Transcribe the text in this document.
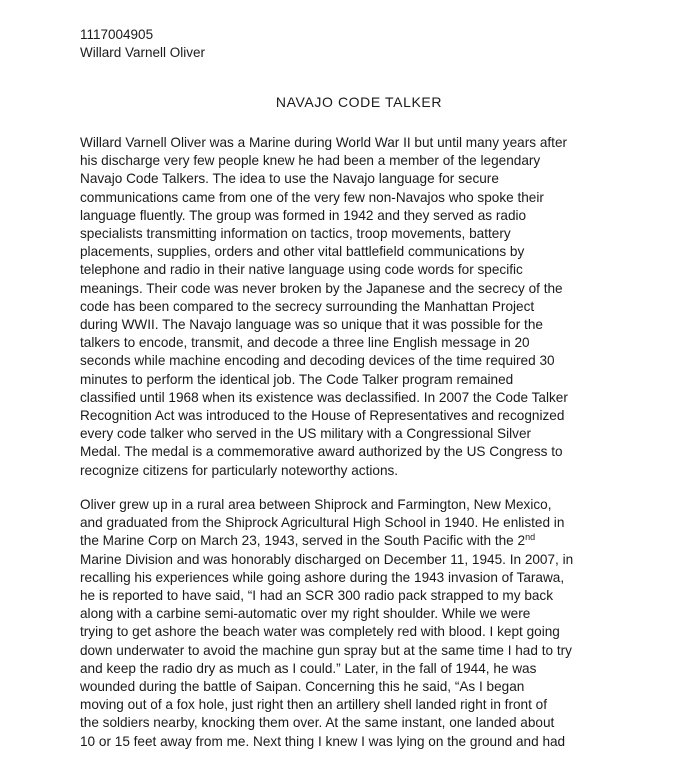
1117004905
Willard Varnell Oliver
NAVAJO CODE TALKER
Willard Varnell Oliver was a Marine during World War II but until many years after
his discharge very few people knew he had been a member of the legendary
Navajo Code Talkers. The idea to use the Navajo language for secure
communications came from one of the very few non-Navajos who spoke their
language fluently. The group was formed in 1942 and they served as radio
specialists transmitting information on tactics, troop movements, battery
placements, supplies, orders and other vital battlefield communications by
telephone and radio in their native language using code words for specific
meanings. Their code was never broken by the Japanese and the secrecy of the
code has been compared to the secrecy surrounding the Manhattan Project
during WWII. The Navajo language was so unique that it was possible for the
talkers to encode, transmit, and decode a three line English message in 20
seconds while machine encoding and decoding devices of the time required 30
minutes to perform the identical job. The Code Talker program remained
classified until 1968 when its existence was declassified. In 2007 the Code Talker
Recognition Act was introduced to the House of Representatives and recognized
every code talker who served in the US military with a Congressional Silver
Medal. The medal is a commemorative award authorized by the US Congress to
recognize citizens for particularly noteworthy actions.
Oliver grew up in a rural area between Shiprock and Farmington, New Mexico,
and graduated from the Shiprock Agricultural High School in 1940. He enlisted in
the Marine Corp on March 23, 1943, served in the South Pacific with the 2nd
Marine Division and was honorably discharged on December 11, 1945. In 2007, in
recalling his experiences while going ashore during the 1943 invasion of Tarawa,
he is reported to have said, “I had an SCR 300 radio pack strapped to my back
along with a carbine semi-automatic over my right shoulder. While we were
trying to get ashore the beach water was completely red with blood. I kept going
down underwater to avoid the machine gun spray but at the same time I had to try
and keep the radio dry as much as I could.” Later, in the fall of 1944, he was
wounded during the battle of Saipan. Concerning this he said, “As I began
moving out of a fox hole, just right then an artillery shell landed right in front of
the soldiers nearby, knocking them over. At the same instant, one landed about
10 or 15 feet away from me. Next thing I knew I was lying on the ground and had
